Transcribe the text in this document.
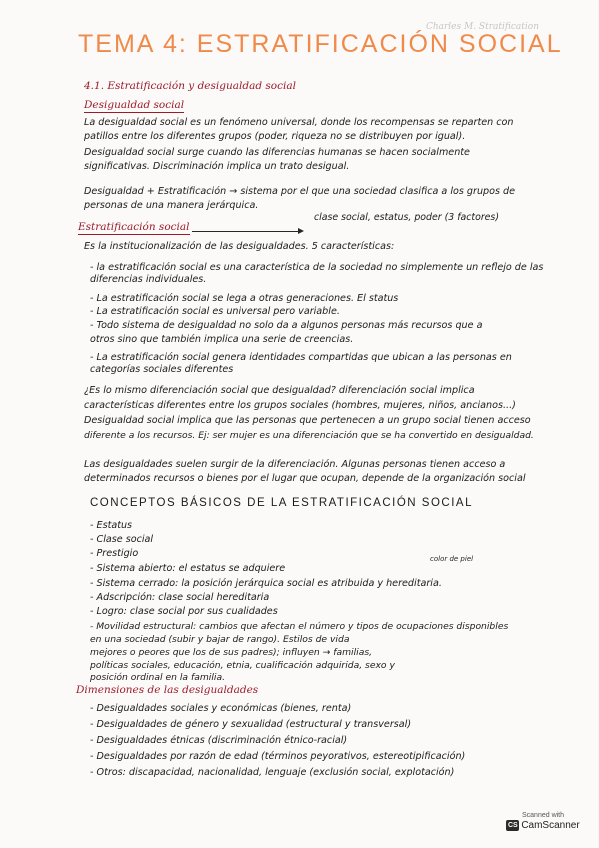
Charles M. Stratification
TEMA 4: ESTRATIFICACIÓN SOCIAL
4.1. Estratificación y desigualdad social
Desigualdad social
La desigualdad social es un fenómeno universal, donde los recompensas se reparten con
patillos entre los diferentes grupos (poder, riqueza no se distribuyen por igual).
Desigualdad social surge cuando las diferencias humanas se hacen socialmente
significativas. Discriminación implica un trato desigual.
Desigualdad + Estratificación → sistema por el que una sociedad clasifica a los grupos de
personas de una manera jerárquica.
Estratificación social
clase social, estatus, poder (3 factores)
Es la institucionalización de las desigualdades. 5 características:
- la estratificación social es una característica de la sociedad no simplemente un reflejo de las
diferencias individuales.
- La estratificación social se lega a otras generaciones. El status
- La estratificación social es universal pero variable.
- Todo sistema de desigualdad no solo da a algunos personas más recursos que a
otros sino que también implica una serie de creencias.
- La estratificación social genera identidades compartidas que ubican a las personas en
categorías sociales diferentes
¿Es lo mismo diferenciación social que desigualdad? diferenciación social implica
características diferentes entre los grupos sociales (hombres, mujeres, niños, ancianos...)
Desigualdad social implica que las personas que pertenecen a un grupo social tienen acceso
diferente a los recursos. Ej: ser mujer es una diferenciación que se ha convertido en desigualdad.
Las desigualdades suelen surgir de la diferenciación. Algunas personas tienen acceso a
determinados recursos o bienes por el lugar que ocupan, depende de la organización social
CONCEPTOS BÁSICOS DE LA ESTRATIFICACIÓN SOCIAL
- Estatus
- Clase social
- Prestigio	color de piel
- Sistema abierto: el estatus se adquiere
- Sistema cerrado: la posición jerárquica social es atribuida y hereditaria.
- Adscripción: clase social hereditaria
- Logro: clase social por sus cualidades
- Movilidad estructural: cambios que afectan el número y tipos de ocupaciones disponibles
en una sociedad (subir y bajar de rango). Estilos de vida
mejores o peores que los de sus padres); influyen → familias,
políticas sociales, educación, etnia, cualificación adquirida, sexo y
posición ordinal en la familia.
Dimensiones de las desigualdades
- Desigualdades sociales y económicas (bienes, renta)
- Desigualdades de género y sexualidad (estructural y transversal)
- Desigualdades étnicas (discriminación étnico-racial)
- Desigualdades por razón de edad (términos peyorativos, estereotipificación)
- Otros: discapacidad, nacionalidad, lenguaje (exclusión social, explotación)
Scanned with
CS CamScanner
